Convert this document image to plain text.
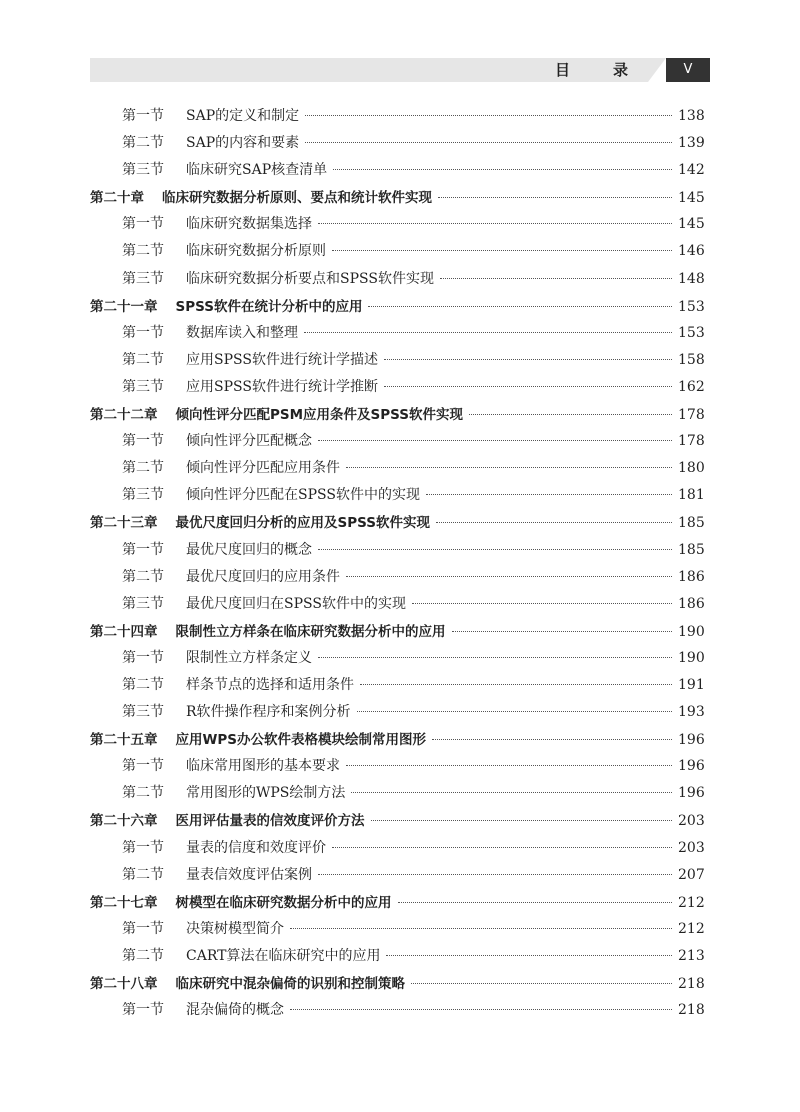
目　录	V
第一节	SAP的定义和制定	138
第二节	SAP的内容和要素	139
第三节	临床研究SAP核查清单	142
第二十章 临床研究数据分析原则、要点和统计软件实现	145
第一节	临床研究数据集选择	145
第二节	临床研究数据分析原则	146
第三节	临床研究数据分析要点和SPSS软件实现	148
第二十一章 SPSS软件在统计分析中的应用	153
第一节	数据库读入和整理	153
第二节	应用SPSS软件进行统计学描述	158
第三节	应用SPSS软件进行统计学推断	162
第二十二章 倾向性评分匹配PSM应用条件及SPSS软件实现	178
第一节	倾向性评分匹配概念	178
第二节	倾向性评分匹配应用条件	180
第三节	倾向性评分匹配在SPSS软件中的实现	181
第二十三章 最优尺度回归分析的应用及SPSS软件实现	185
第一节	最优尺度回归的概念	185
第二节	最优尺度回归的应用条件	186
第三节	最优尺度回归在SPSS软件中的实现	186
第二十四章 限制性立方样条在临床研究数据分析中的应用	190
第一节	限制性立方样条定义	190
第二节	样条节点的选择和适用条件	191
第三节	R软件操作程序和案例分析	193
第二十五章 应用WPS办公软件表格模块绘制常用图形	196
第一节	临床常用图形的基本要求	196
第二节	常用图形的WPS绘制方法	196
第二十六章 医用评估量表的信效度评价方法	203
第一节	量表的信度和效度评价	203
第二节	量表信效度评估案例	207
第二十七章 树模型在临床研究数据分析中的应用	212
第一节	决策树模型简介	212
第二节	CART算法在临床研究中的应用	213
第二十八章 临床研究中混杂偏倚的识别和控制策略	218
第一节	混杂偏倚的概念	218
